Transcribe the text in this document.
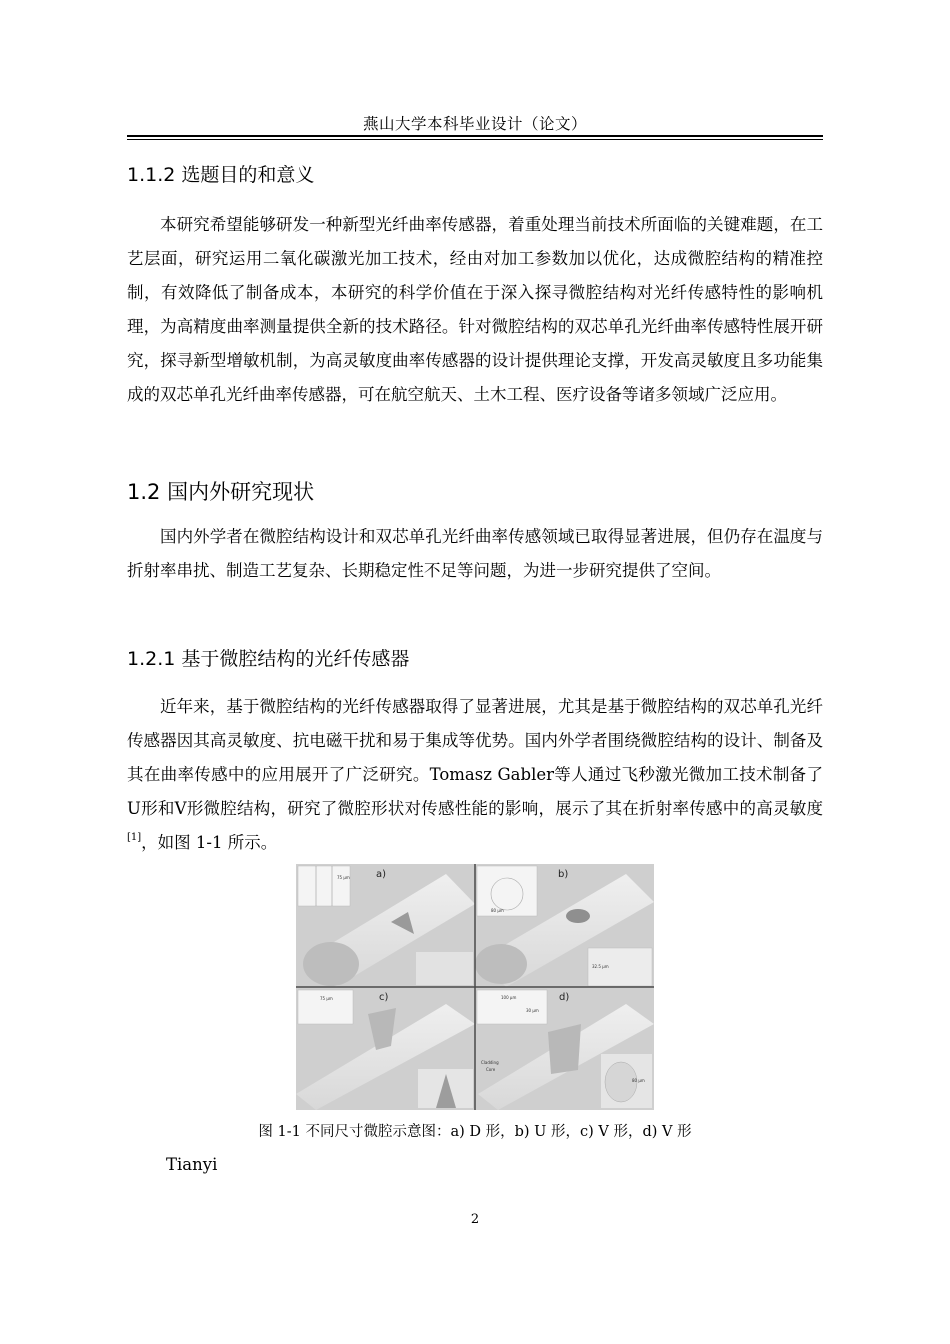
燕山大学本科毕业设计（论文）
1.1.2 选题目的和意义

本研究希望能够研发一种新型光纤曲率传感器，着重处理当前技术所面临的关键难题，在工艺层面，研究运用二氧化碳激光加工技术，经由对加工参数加以优化，达成微腔结构的精准控制，有效降低了制备成本，本研究的科学价值在于深入探寻微腔结构对光纤传感特性的影响机理，为高精度曲率测量提供全新的技术路径。针对微腔结构的双芯单孔光纤曲率传感特性展开研究，探寻新型增敏机制，为高灵敏度曲率传感器的设计提供理论支撑，开发高灵敏度且多功能集成的双芯单孔光纤曲率传感器，可在航空航天、土木工程、医疗设备等诸多领域广泛应用。

1.2 国内外研究现状

国内外学者在微腔结构设计和双芯单孔光纤曲率传感领域已取得显著进展，但仍存在温度与折射率串扰、制造工艺复杂、长期稳定性不足等问题，为进一步研究提供了空间。

1.2.1 基于微腔结构的光纤传感器

近年来，基于微腔结构的光纤传感器取得了显著进展，尤其是基于微腔结构的双芯单孔光纤传感器因其高灵敏度、抗电磁干扰和易于集成等优势。国内外学者围绕微腔结构的设计、制备及其在曲率传感中的应用展开了广泛研究。Tomasz Gabler等人通过飞秒激光微加工技术制备了U形和V形微腔结构，研究了微腔形状对传感性能的影响，展示了其在折射率传感中的高灵敏度[1]，如图 1-1 所示。

75 μm	a)
80 μm
32.5 μm
b)
75 μm	c)	100 μm
30 μm
Cladding
Core
80 μm
d)
图 1-1 不同尺寸微腔示意图：a) D 形，b) U 形，c) V 形，d) V 形
Tianyi
2
